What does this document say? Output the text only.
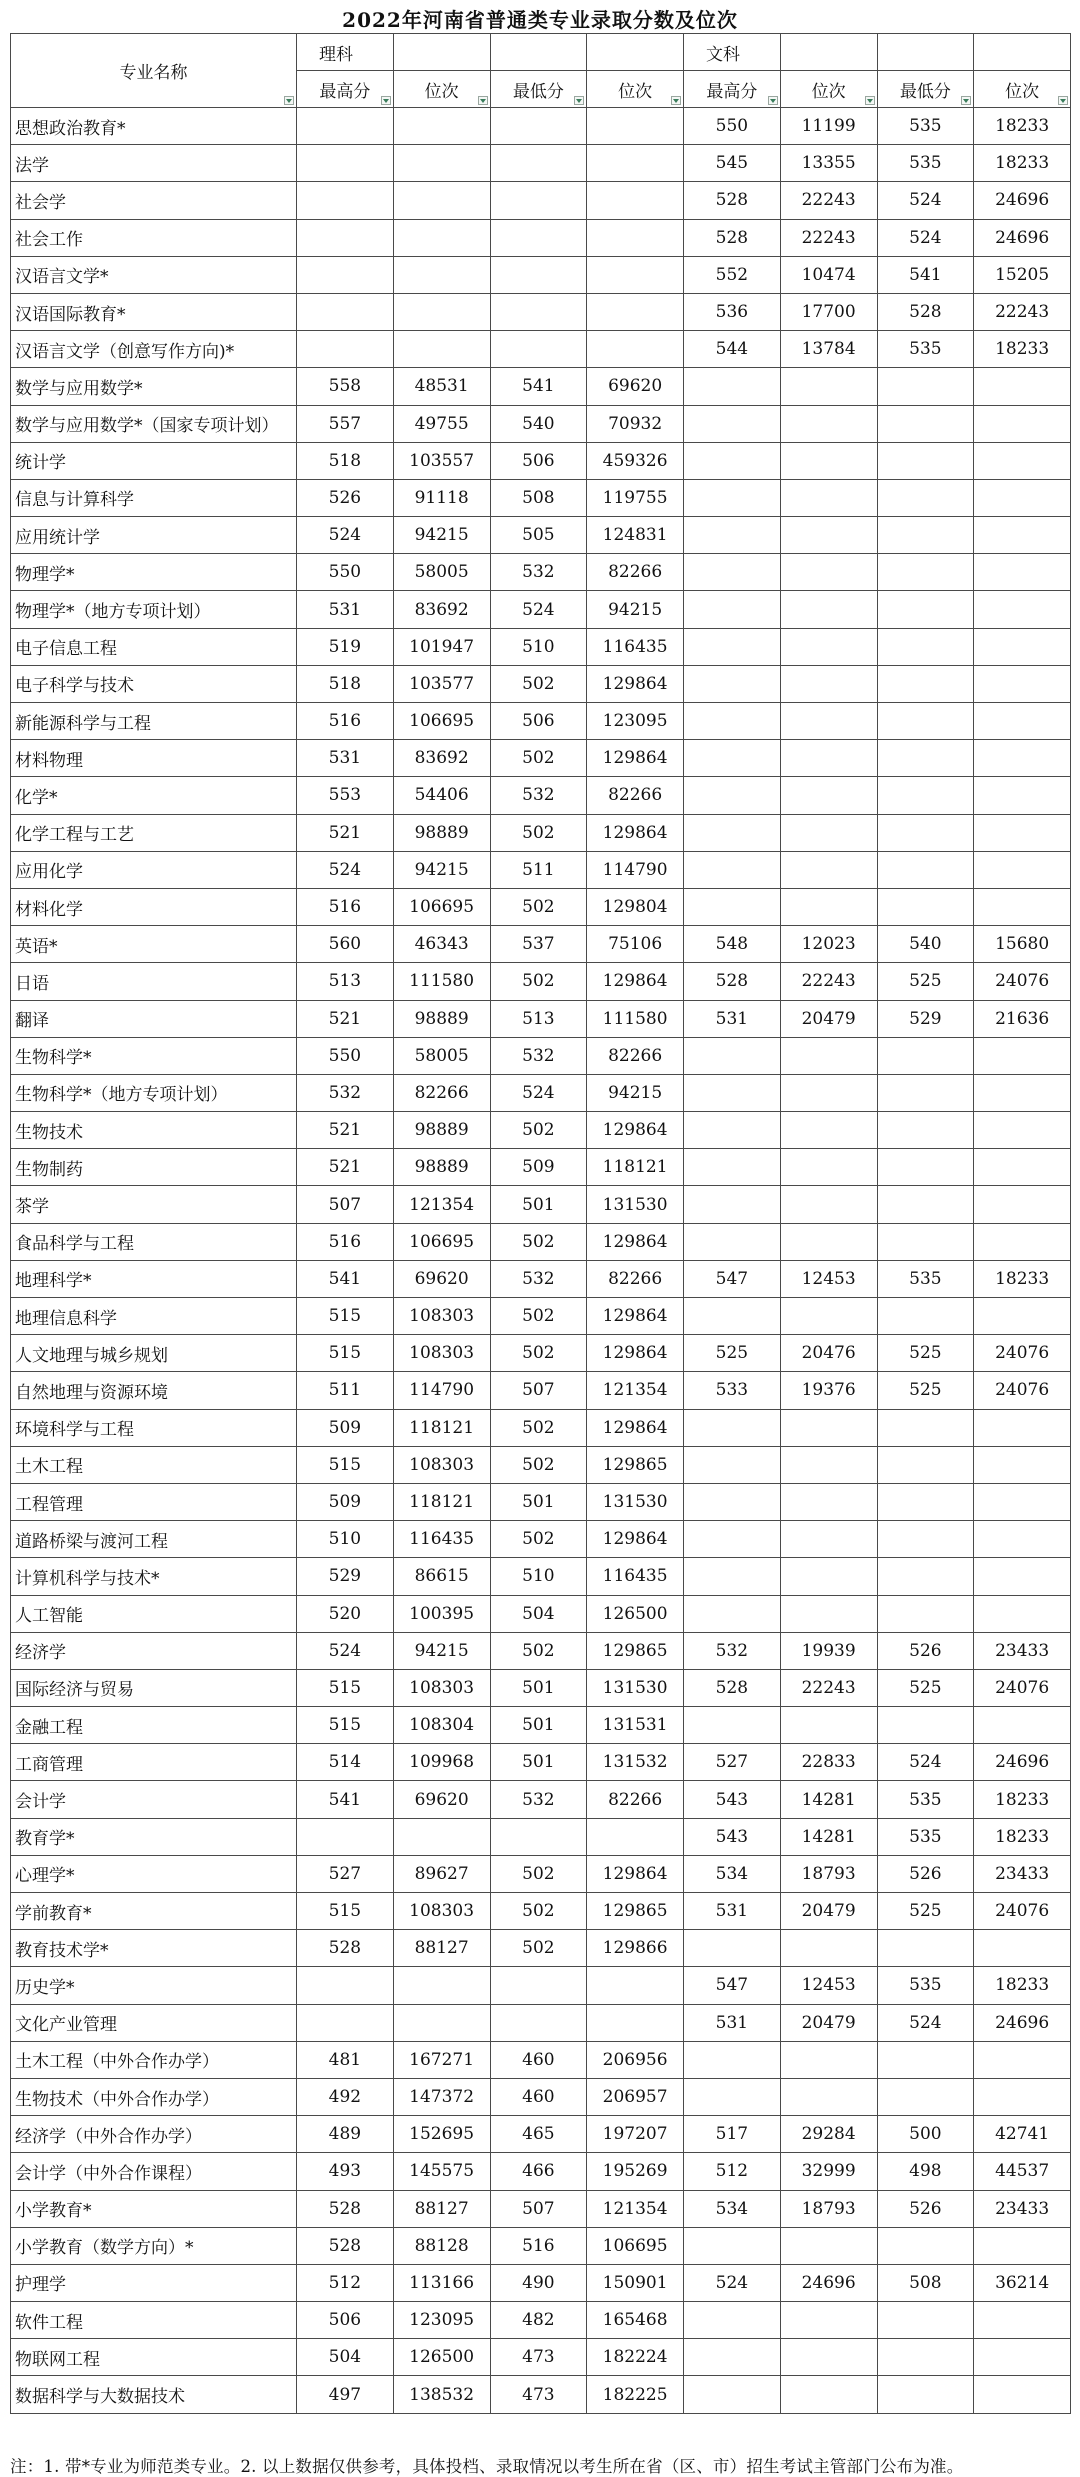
2022年河南省普通类专业录取分数及位次
专业名称	理科				文科			
	最高分	位次	最低分	位次	最高分	位次	最低分	位次

思想政治教育*					550	11199	535	18233
法学					545	13355	535	18233
社会学					528	22243	524	24696
社会工作					528	22243	524	24696
汉语言文学*					552	10474	541	15205
汉语国际教育*					536	17700	528	22243
汉语言文学（创意写作方向)*					544	13784	535	18233
数学与应用数学*	558	48531	541	69620				
数学与应用数学*（国家专项计划）	557	49755	540	70932				
统计学	518	103557	506	459326				
信息与计算科学	526	91118	508	119755				
应用统计学	524	94215	505	124831				
物理学*	550	58005	532	82266				
物理学*（地方专项计划）	531	83692	524	94215				
电子信息工程	519	101947	510	116435				
电子科学与技术	518	103577	502	129864				
新能源科学与工程	516	106695	506	123095				
材料物理	531	83692	502	129864				
化学*	553	54406	532	82266				
化学工程与工艺	521	98889	502	129864				
应用化学	524	94215	511	114790				
材料化学	516	106695	502	129804				
英语*	560	46343	537	75106	548	12023	540	15680
日语	513	111580	502	129864	528	22243	525	24076
翻译	521	98889	513	111580	531	20479	529	21636
生物科学*	550	58005	532	82266				
生物科学*（地方专项计划）	532	82266	524	94215				
生物技术	521	98889	502	129864				
生物制药	521	98889	509	118121				
茶学	507	121354	501	131530				
食品科学与工程	516	106695	502	129864				
地理科学*	541	69620	532	82266	547	12453	535	18233
地理信息科学	515	108303	502	129864				
人文地理与城乡规划	515	108303	502	129864	525	20476	525	24076
自然地理与资源环境	511	114790	507	121354	533	19376	525	24076
环境科学与工程	509	118121	502	129864				
土木工程	515	108303	502	129865				
工程管理	509	118121	501	131530				
道路桥梁与渡河工程	510	116435	502	129864				
计算机科学与技术*	529	86615	510	116435				
人工智能	520	100395	504	126500				
经济学	524	94215	502	129865	532	19939	526	23433
国际经济与贸易	515	108303	501	131530	528	22243	525	24076
金融工程	515	108304	501	131531				
工商管理	514	109968	501	131532	527	22833	524	24696
会计学	541	69620	532	82266	543	14281	535	18233
教育学*					543	14281	535	18233
心理学*	527	89627	502	129864	534	18793	526	23433
学前教育*	515	108303	502	129865	531	20479	525	24076
教育技术学*	528	88127	502	129866				
历史学*					547	12453	535	18233
文化产业管理					531	20479	524	24696
土木工程（中外合作办学）	481	167271	460	206956				
生物技术（中外合作办学）	492	147372	460	206957				
经济学（中外合作办学）	489	152695	465	197207	517	29284	500	42741
会计学（中外合作课程）	493	145575	466	195269	512	32999	498	44537
小学教育*	528	88127	507	121354	534	18793	526	23433
小学教育（数学方向）*	528	88128	516	106695				
护理学	512	113166	490	150901	524	24696	508	36214
软件工程	506	123095	482	165468				
物联网工程	504	126500	473	182224				
数据科学与大数据技术	497	138532	473	182225				
注：1. 带*专业为师范类专业。2. 以上数据仅供参考，具体投档、录取情况以考生所在省（区、市）招生考试主管部门公布为准。
